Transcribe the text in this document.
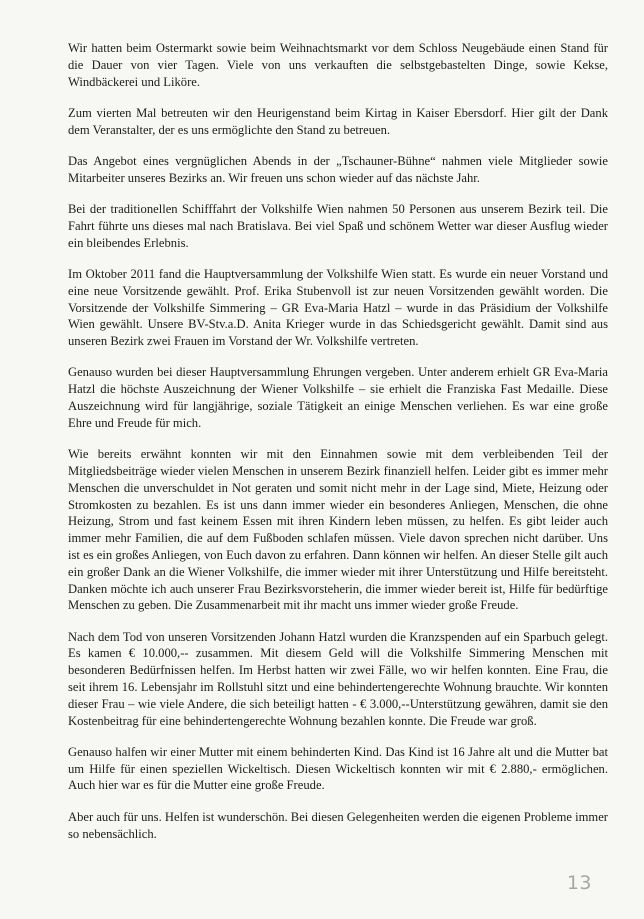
Wir hatten beim Ostermarkt sowie beim Weihnachtsmarkt vor dem Schloss Neugebäude einen Stand für die Dauer von vier Tagen. Viele von uns verkauften die selbstgebastelten Dinge, sowie Kekse, Windbäckerei und Liköre.

Zum vierten Mal betreuten wir den Heurigenstand beim Kirtag in Kaiser Ebersdorf. Hier gilt der Dank dem Veranstalter, der es uns ermöglichte den Stand zu betreuen.

Das Angebot eines vergnüglichen Abends in der „Tschauner-Bühne“ nahmen viele Mitglieder sowie Mitarbeiter unseres Bezirks an. Wir freuen uns schon wieder auf das nächste Jahr.

Bei der traditionellen Schifffahrt der Volkshilfe Wien nahmen 50 Personen aus unserem Bezirk teil. Die Fahrt führte uns dieses mal nach Bratislava. Bei viel Spaß und schönem Wetter war dieser Ausflug wieder ein bleibendes Erlebnis.

Im Oktober 2011 fand die Hauptversammlung der Volkshilfe Wien statt. Es wurde ein neuer Vorstand und eine neue Vorsitzende gewählt. Prof. Erika Stubenvoll ist zur neuen Vorsitzenden gewählt worden. Die Vorsitzende der Volkshilfe Simmering – GR Eva-Maria Hatzl – wurde in das Präsidium der Volkshilfe Wien gewählt. Unsere BV-Stv.a.D. Anita Krieger wurde in das Schiedsgericht gewählt. Damit sind aus unseren Bezirk zwei Frauen im Vorstand der Wr. Volkshilfe vertreten.

Genauso wurden bei dieser Hauptversammlung Ehrungen vergeben. Unter anderem erhielt GR Eva-Maria Hatzl die höchste Auszeichnung der Wiener Volkshilfe – sie erhielt die Franziska Fast Medaille. Diese Auszeichnung wird für langjährige, soziale Tätigkeit an einige Menschen verliehen. Es war eine große Ehre und Freude für mich.

Wie bereits erwähnt konnten wir mit den Einnahmen sowie mit dem verbleibenden Teil der Mitgliedsbeiträge wieder vielen Menschen in unserem Bezirk finanziell helfen. Leider gibt es immer mehr Menschen die unverschuldet in Not geraten und somit nicht mehr in der Lage sind, Miete, Heizung oder Stromkosten zu bezahlen. Es ist uns dann immer wieder ein besonderes Anliegen, Menschen, die ohne Heizung, Strom und fast keinem Essen mit ihren Kindern leben müssen, zu helfen. Es gibt leider auch immer mehr Familien, die auf dem Fußboden schlafen müssen. Viele davon sprechen nicht darüber. Uns ist es ein großes Anliegen, von Euch davon zu erfahren. Dann können wir helfen. An dieser Stelle gilt auch ein großer Dank an die Wiener Volkshilfe, die immer wieder mit ihrer Unterstützung und Hilfe bereitsteht. Danken möchte ich auch unserer Frau Bezirksvorsteherin, die immer wieder bereit ist, Hilfe für bedürftige Menschen zu geben. Die Zusammenarbeit mit ihr macht uns immer wieder große Freude.

Nach dem Tod von unseren Vorsitzenden Johann Hatzl wurden die Kranzspenden auf ein Sparbuch gelegt. Es kamen € 10.000,-- zusammen. Mit diesem Geld will die Volkshilfe Simmering Menschen mit besonderen Bedürfnissen helfen. Im Herbst hatten wir zwei Fälle, wo wir helfen konnten. Eine Frau, die seit ihrem 16. Lebensjahr im Rollstuhl sitzt und eine behindertengerechte Wohnung brauchte. Wir konnten dieser Frau – wie viele Andere, die sich beteiligt hatten - € 3.000,--Unterstützung gewähren, damit sie den Kostenbeitrag für eine behindertengerechte Wohnung bezahlen konnte. Die Freude war groß.

Genauso halfen wir einer Mutter mit einem behinderten Kind. Das Kind ist 16 Jahre alt und die Mutter bat um Hilfe für einen speziellen Wickeltisch. Diesen Wickeltisch konnten wir mit € 2.880,- ermöglichen. Auch hier war es für die Mutter eine große Freude.

Aber auch für uns. Helfen ist wunderschön. Bei diesen Gelegenheiten werden die eigenen Probleme immer so nebensächlich.

13
